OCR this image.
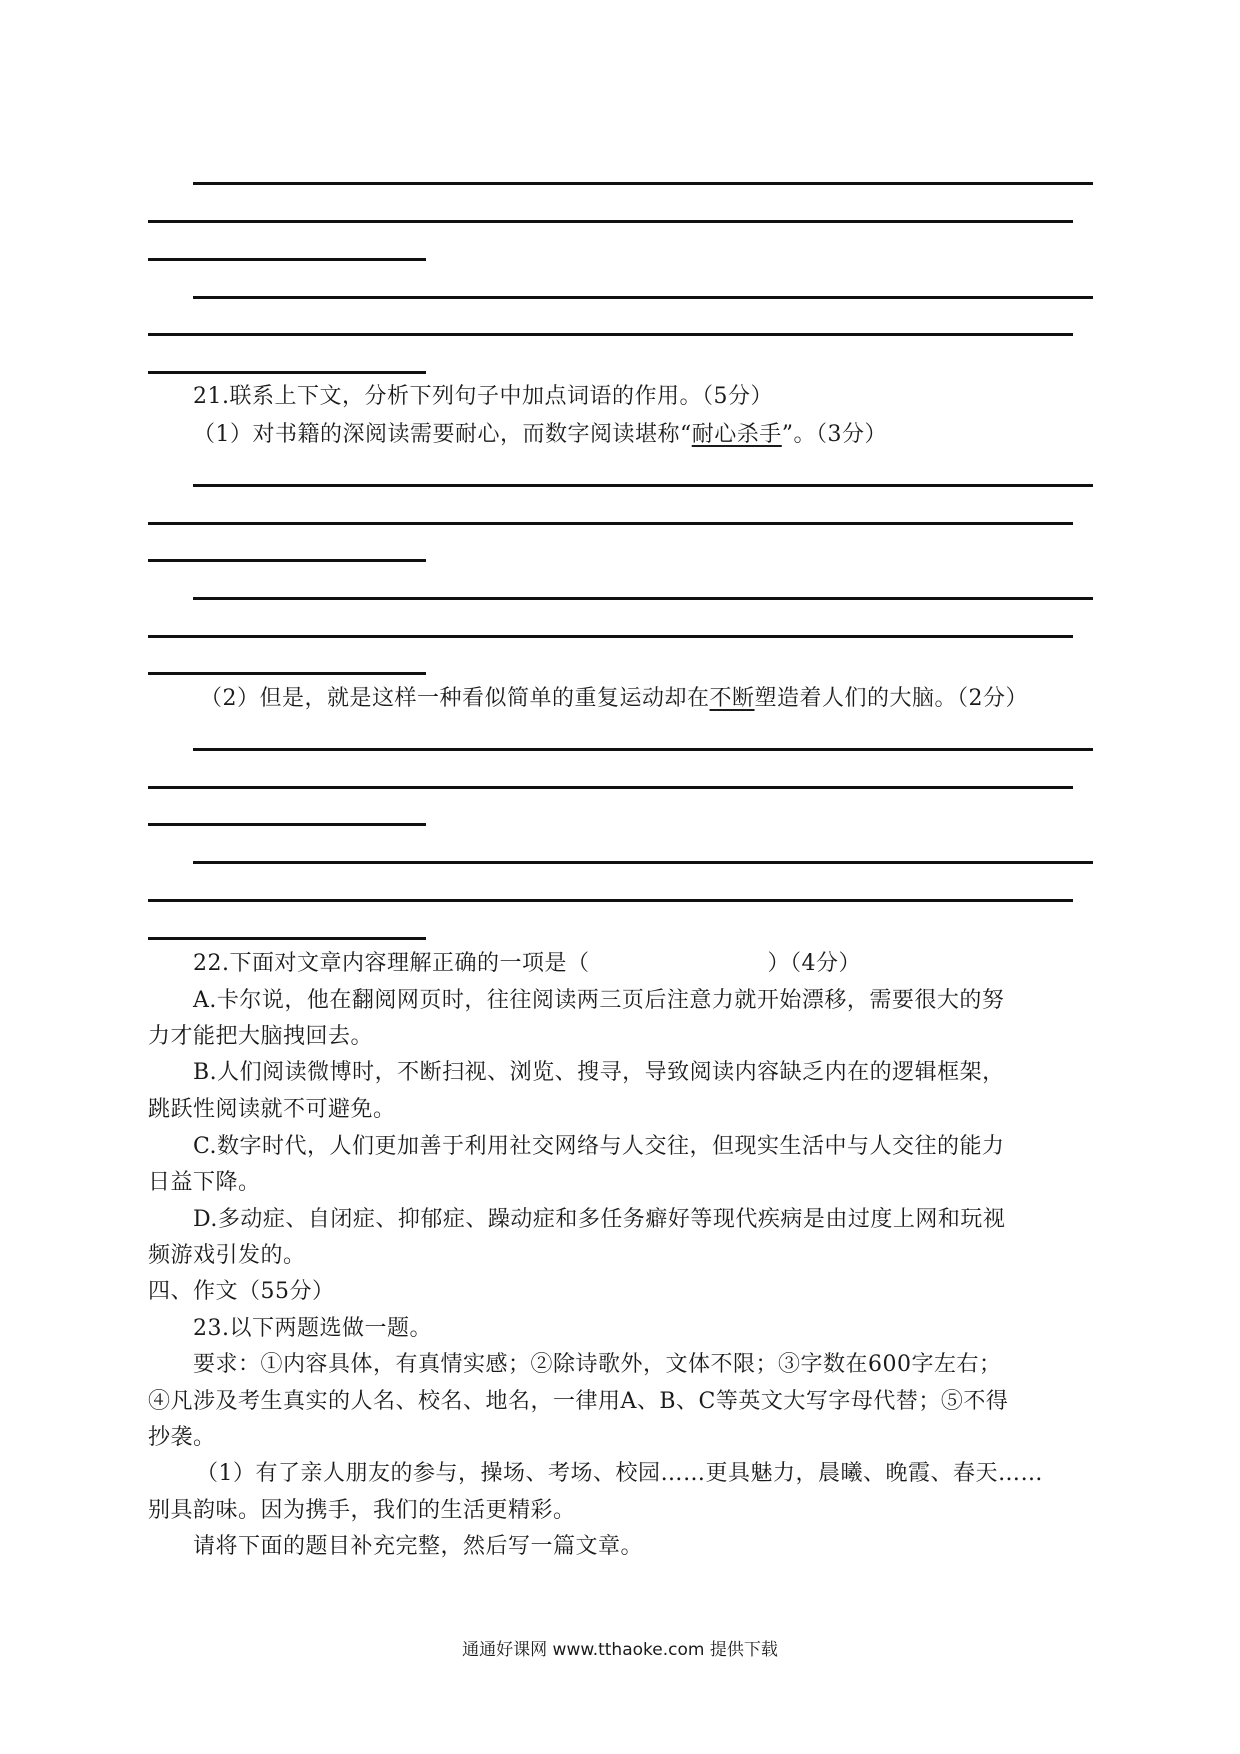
21.联系上下文，分析下列句子中加点词语的作用。（5分）
（1）对书籍的深阅读需要耐心，而数字阅读堪称“耐心杀手”。（3分）
（2）但是，就是这样一种看似简单的重复运动却在不断塑造着人们的大脑。（2分）
22.下面对文章内容理解正确的一项是（	）（4分）
A.卡尔说，他在翻阅网页时，往往阅读两三页后注意力就开始漂移，需要很大的努
力才能把大脑拽回去。
B.人们阅读微博时，不断扫视、浏览、搜寻，导致阅读内容缺乏内在的逻辑框架，
跳跃性阅读就不可避免。
C.数字时代，人们更加善于利用社交网络与人交往，但现实生活中与人交往的能力
日益下降。
D.多动症、自闭症、抑郁症、躁动症和多任务癖好等现代疾病是由过度上网和玩视
频游戏引发的。
四、作文（55分）
23.以下两题选做一题。
要求：①内容具体，有真情实感；②除诗歌外，文体不限；③字数在600字左右；
④凡涉及考生真实的人名、校名、地名，一律用A、B、C等英文大写字母代替；⑤不得
抄袭。
（1）有了亲人朋友的参与，操场、考场、校园……更具魅力，晨曦、晚霞、春天……
别具韵味。因为携手，我们的生活更精彩。
请将下面的题目补充完整，然后写一篇文章。
通通好课网 www.tthaoke.com 提供下载
